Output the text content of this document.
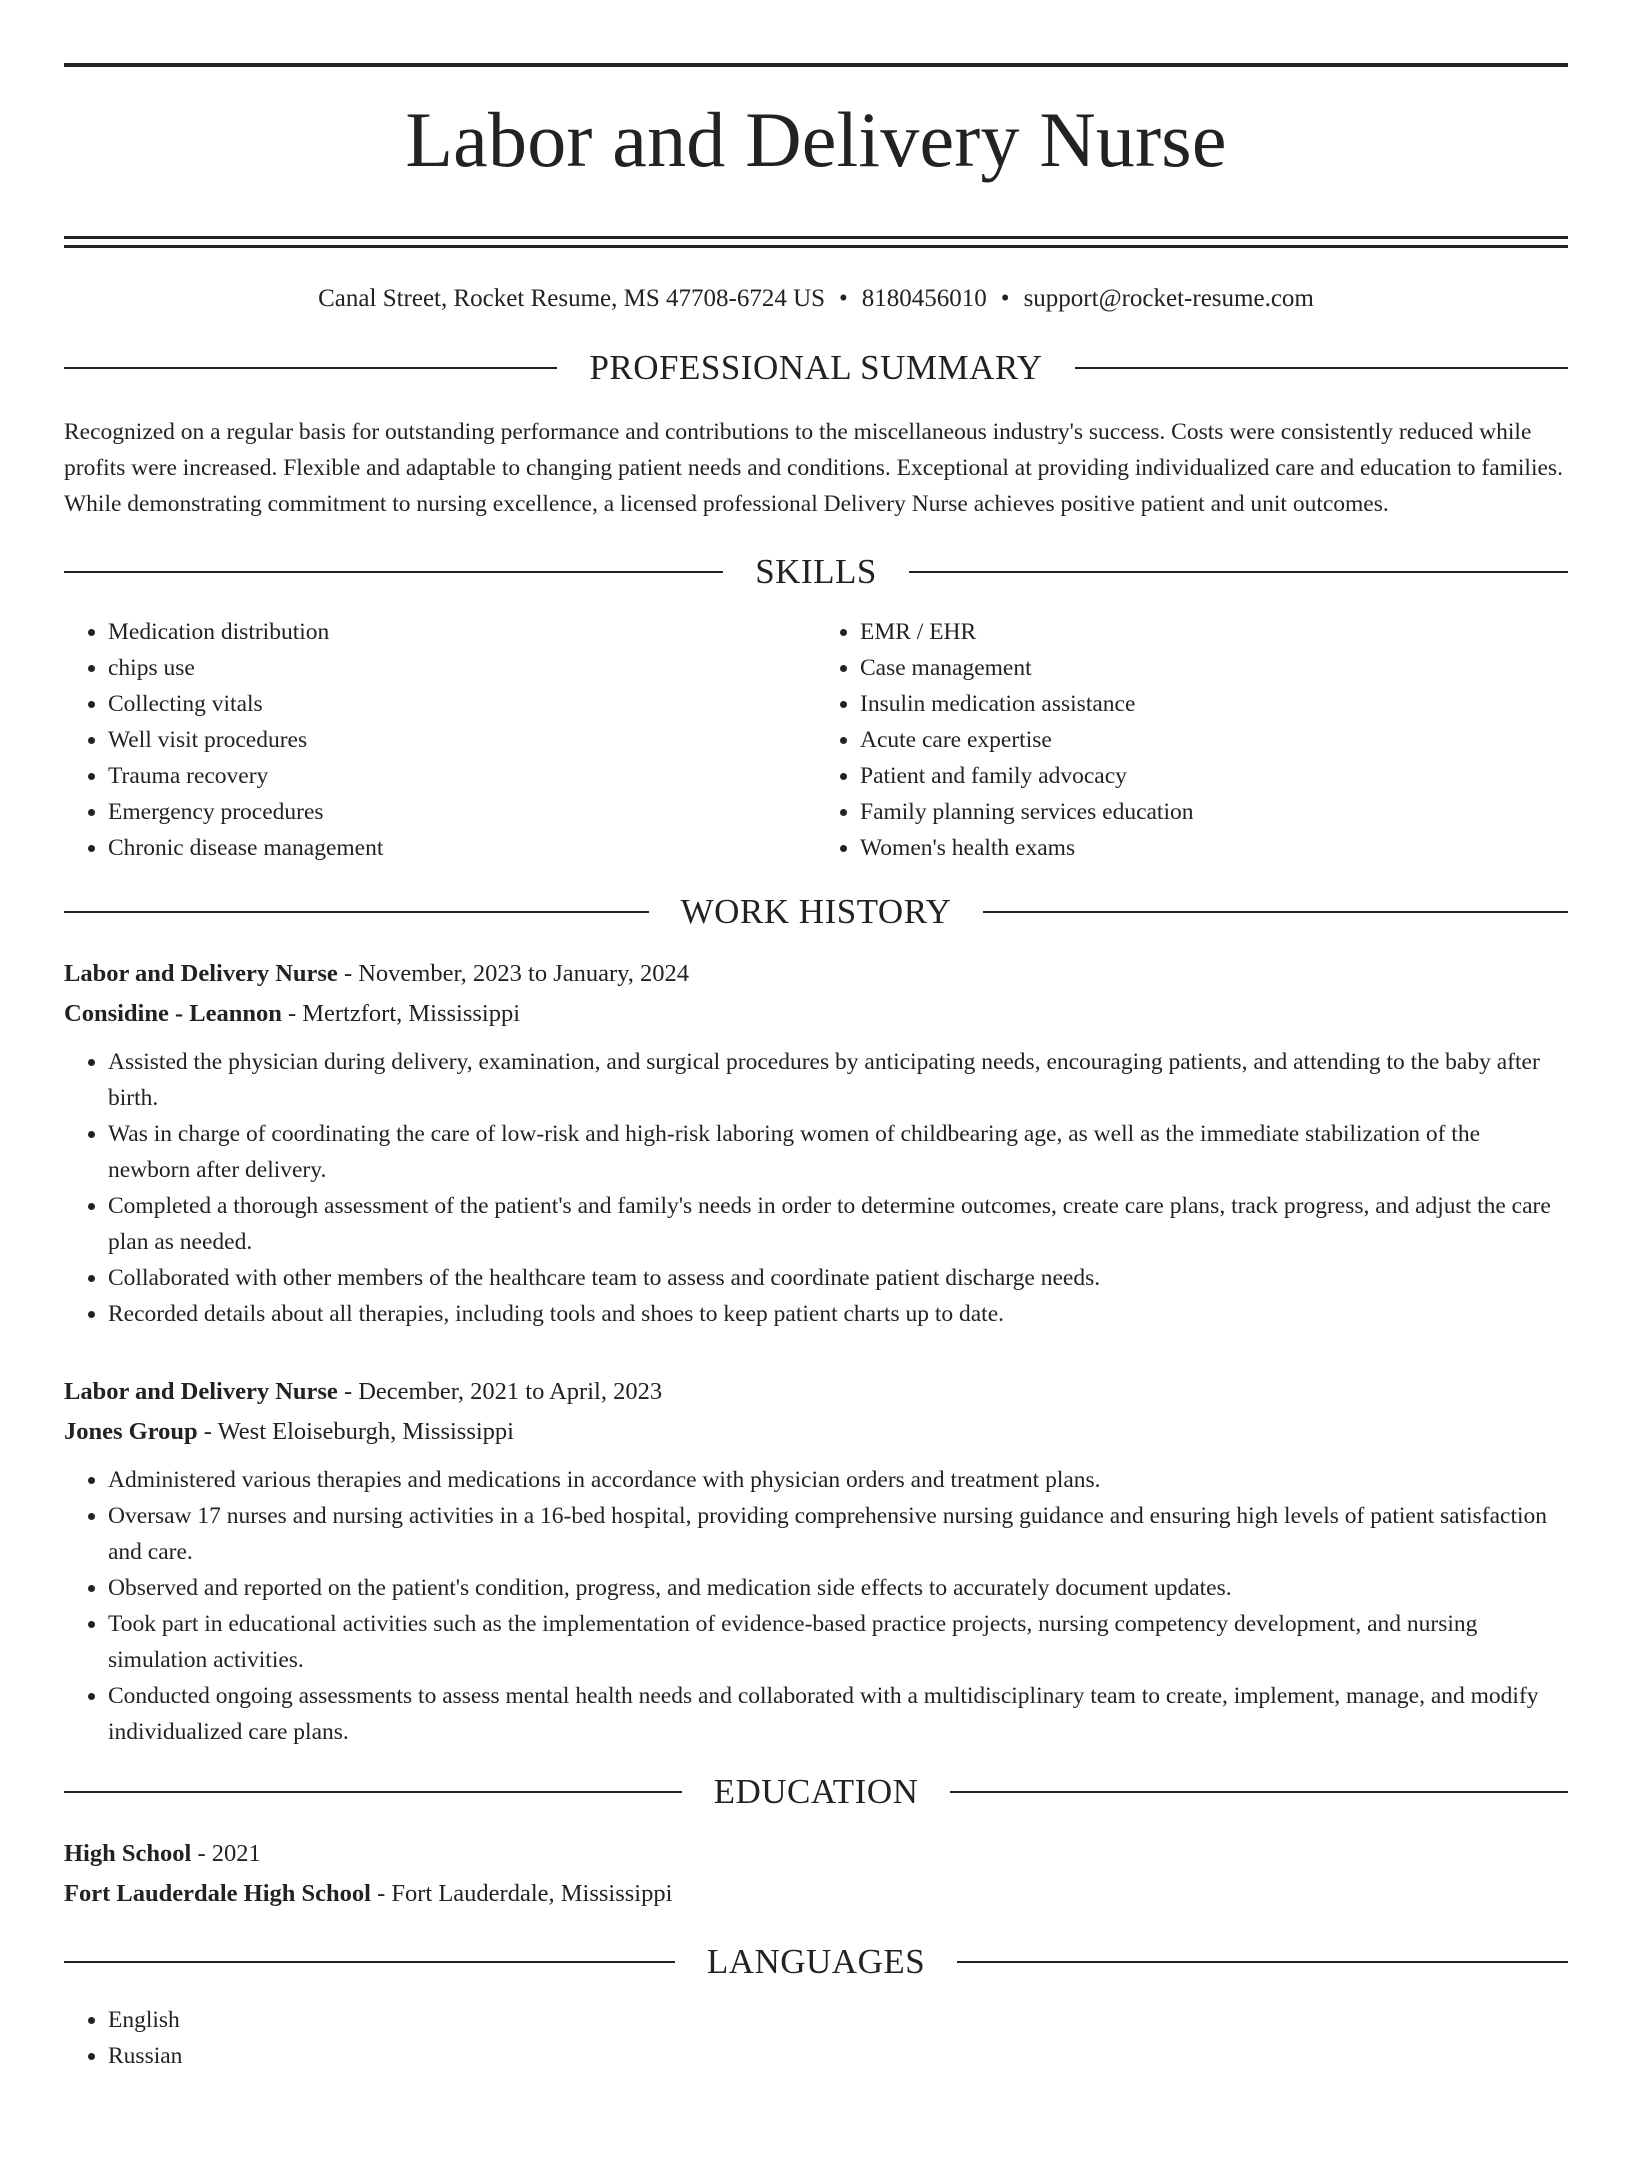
Labor and Delivery Nurse
Canal Street, Rocket Resume, MS 47708-6724 US • 8180456010 • support@rocket-resume.com
PROFESSIONAL SUMMARY
Recognized on a regular basis for outstanding performance and contributions to the miscellaneous industry's success. Costs were consistently reduced while profits were increased. Flexible and adaptable to changing patient needs and conditions. Exceptional at providing individualized care and education to families. While demonstrating commitment to nursing excellence, a licensed professional Delivery Nurse achieves positive patient and unit outcomes.
SKILLS
• Medication distribution
• chips use
• Collecting vitals
• Well visit procedures
• Trauma recovery
• Emergency procedures
• Chronic disease management
• EMR / EHR
• Case management
• Insulin medication assistance
• Acute care expertise
• Patient and family advocacy
• Family planning services education
• Women's health exams
WORK HISTORY
Labor and Delivery Nurse - November, 2023 to January, 2024
Considine - Leannon - Mertzfort, Mississippi
• Assisted the physician during delivery, examination, and surgical procedures by anticipating needs, encouraging patients, and attending to the baby after birth.
• Was in charge of coordinating the care of low-risk and high-risk laboring women of childbearing age, as well as the immediate stabilization of the newborn after delivery.
• Completed a thorough assessment of the patient's and family's needs in order to determine outcomes, create care plans, track progress, and adjust the care plan as needed.
• Collaborated with other members of the healthcare team to assess and coordinate patient discharge needs.
• Recorded details about all therapies, including tools and shoes to keep patient charts up to date.
Labor and Delivery Nurse - December, 2021 to April, 2023
Jones Group - West Eloiseburgh, Mississippi
• Administered various therapies and medications in accordance with physician orders and treatment plans.
• Oversaw 17 nurses and nursing activities in a 16-bed hospital, providing comprehensive nursing guidance and ensuring high levels of patient satisfaction and care.
• Observed and reported on the patient's condition, progress, and medication side effects to accurately document updates.
• Took part in educational activities such as the implementation of evidence-based practice projects, nursing competency development, and nursing simulation activities.
• Conducted ongoing assessments to assess mental health needs and collaborated with a multidisciplinary team to create, implement, manage, and modify individualized care plans.
EDUCATION
High School - 2021
Fort Lauderdale High School - Fort Lauderdale, Mississippi
LANGUAGES
• English
• Russian
